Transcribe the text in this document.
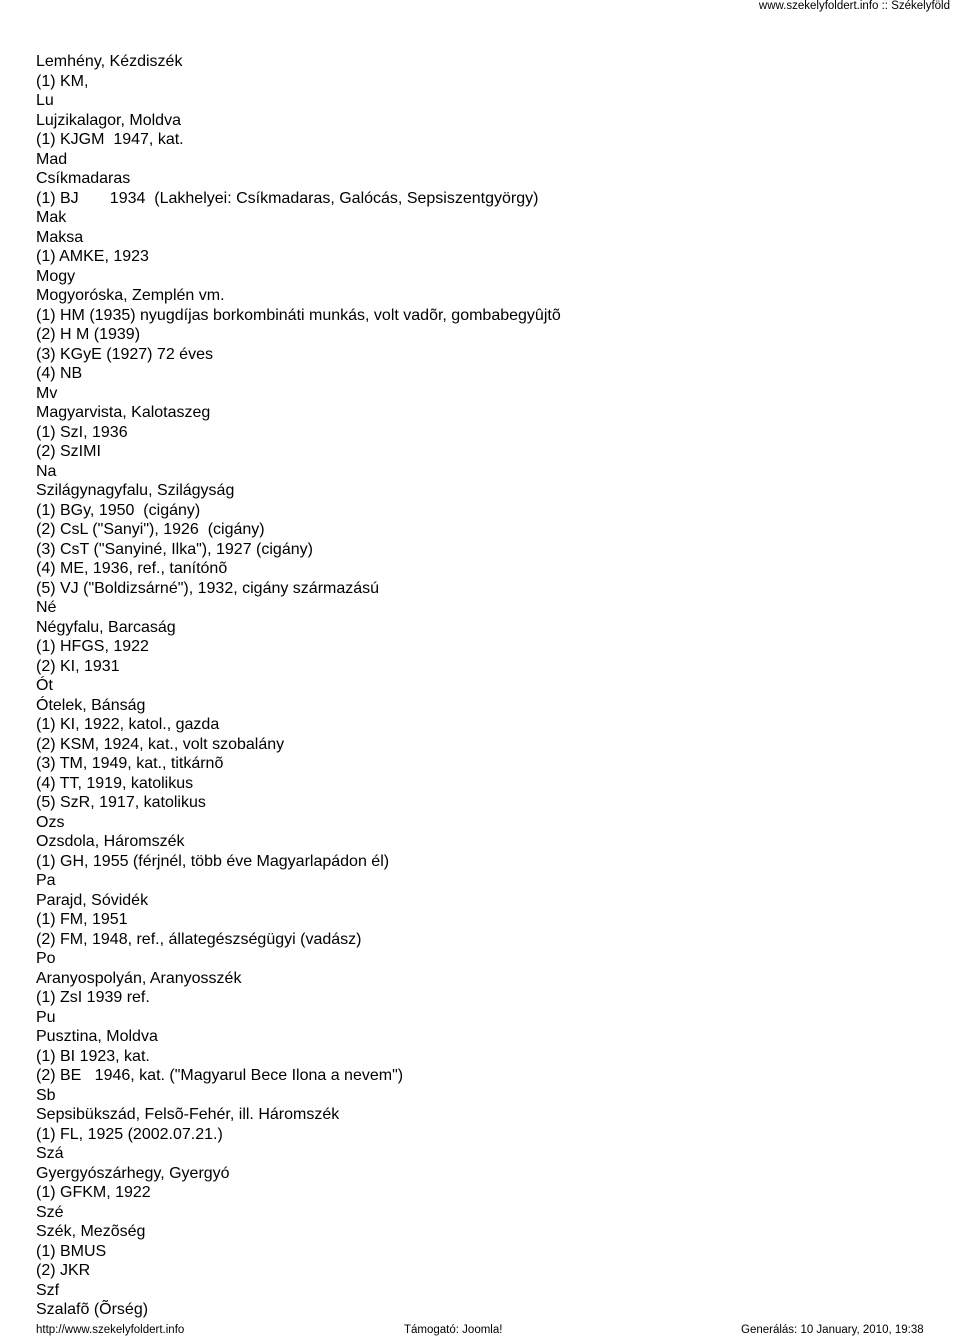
www.szekelyfoldert.info :: Székelyföld
Lemhény, Kézdiszék
(1) KM,
Lu
Lujzikalagor, Moldva
(1) KJGM  1947, kat.
Mad
Csíkmadaras
(1) BJ       1934  (Lakhelyei: Csíkmadaras, Galócás, Sepsiszentgyörgy)
Mak
Maksa
(1) AMKE, 1923
Mogy
Mogyoróska, Zemplén vm.
(1) HM (1935) nyugdíjas borkombináti munkás, volt vadõr, gombabegyûjtõ
(2) H M (1939)
(3) KGyE (1927) 72 éves
(4) NB
Mv
Magyarvista, Kalotaszeg
(1) SzI, 1936
(2) SzIMI
Na
Szilágynagyfalu, Szilágyság
(1) BGy, 1950  (cigány)
(2) CsL ("Sanyi"), 1926  (cigány)
(3) CsT ("Sanyiné, Ilka"), 1927 (cigány)
(4) ME, 1936, ref., tanítónõ
(5) VJ ("Boldizsárné"), 1932, cigány származású
Né
Négyfalu, Barcaság
(1) HFGS, 1922
(2) KI, 1931
Ót
Ótelek, Bánság
(1) KI, 1922, katol., gazda
(2) KSM, 1924, kat., volt szobalány
(3) TM, 1949, kat., titkárnõ
(4) TT, 1919, katolikus
(5) SzR, 1917, katolikus
Ozs
Ozsdola, Háromszék
(1) GH, 1955 (férjnél, több éve Magyarlapádon él)
Pa
Parajd, Sóvidék
(1) FM, 1951
(2) FM, 1948, ref., állategészségügyi (vadász)
Po
Aranyospolyán, Aranyosszék
(1) ZsI 1939 ref.
Pu
Pusztina, Moldva
(1) BI 1923, kat.
(2) BE   1946, kat. ("Magyarul Bece Ilona a nevem")
Sb
Sepsibükszád, Felsõ-Fehér, ill. Háromszék
(1) FL, 1925 (2002.07.21.)
Szá
Gyergyószárhegy, Gyergyó
(1) GFKM, 1922
Szé
Szék, Mezõség
(1) BMUS
(2) JKR
Szf
Szalafõ (Õrség)
http://www.szekelyfoldert.info	Támogató: Joomla!	Generálás: 10 January, 2010, 19:38
